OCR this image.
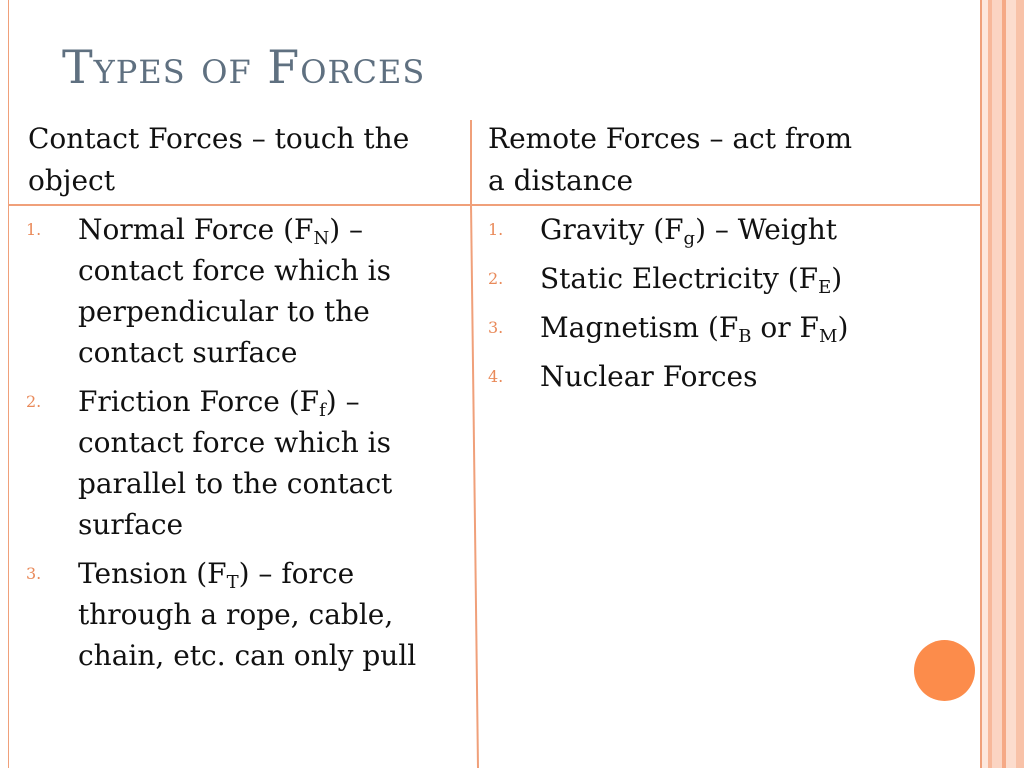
Types of Forces
Contact Forces – touch the object
Remote Forces – act from
a distance
1. Normal Force $(F_N)$ – contact force which is perpendicular to the contact surface
2. Friction Force $(F_f)$ – contact force which is parallel to the contact surface
3. Tension $(F_T)$ – force through a rope, cable, chain, etc. can only pull
1. Gravity $(F_g)$ – Weight
2. Static Electricity $(F_E)$
3. Magnetism ($F_B$ or $F_M$)
4. Nuclear Forces
